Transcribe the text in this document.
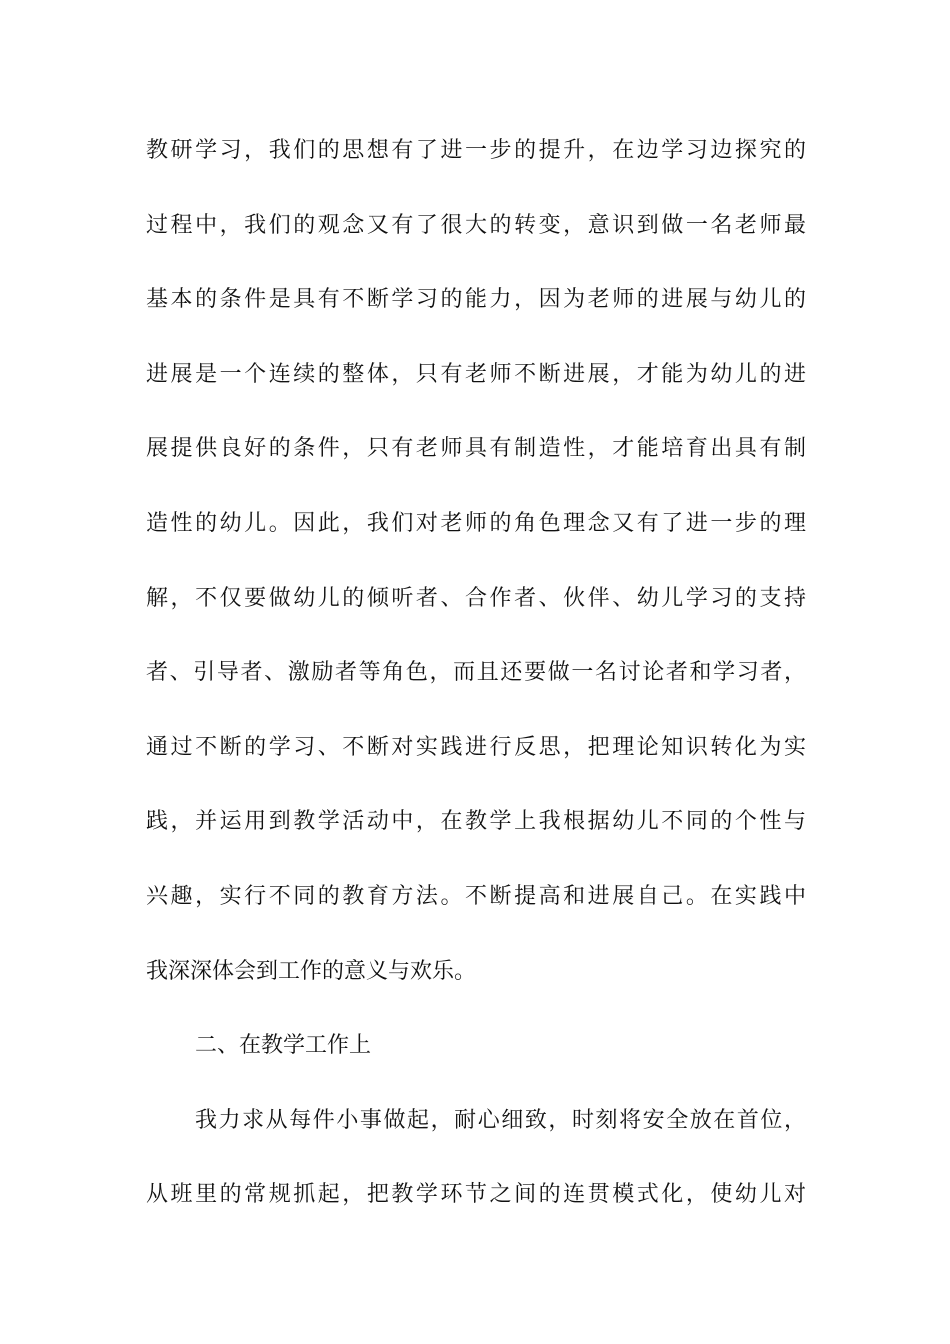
教研学习，我们的思想有了进一步的提升，在边学习边探究的
过程中，我们的观念又有了很大的转变，意识到做一名老师最
基本的条件是具有不断学习的能力，因为老师的进展与幼儿的
进展是一个连续的整体，只有老师不断进展，才能为幼儿的进
展提供良好的条件，只有老师具有制造性，才能培育出具有制
造性的幼儿。因此，我们对老师的角色理念又有了进一步的理
解，不仅要做幼儿的倾听者、合作者、伙伴、幼儿学习的支持
者、引导者、激励者等角色，而且还要做一名讨论者和学习者，
通过不断的学习、不断对实践进行反思，把理论知识转化为实
践，并运用到教学活动中，在教学上我根据幼儿不同的个性与
兴趣，实行不同的教育方法。不断提高和进展自己。在实践中
我深深体会到工作的意义与欢乐。
二、在教学工作上
我力求从每件小事做起，耐心细致，时刻将安全放在首位，
从班里的常规抓起，把教学环节之间的连贯模式化，使幼儿对
